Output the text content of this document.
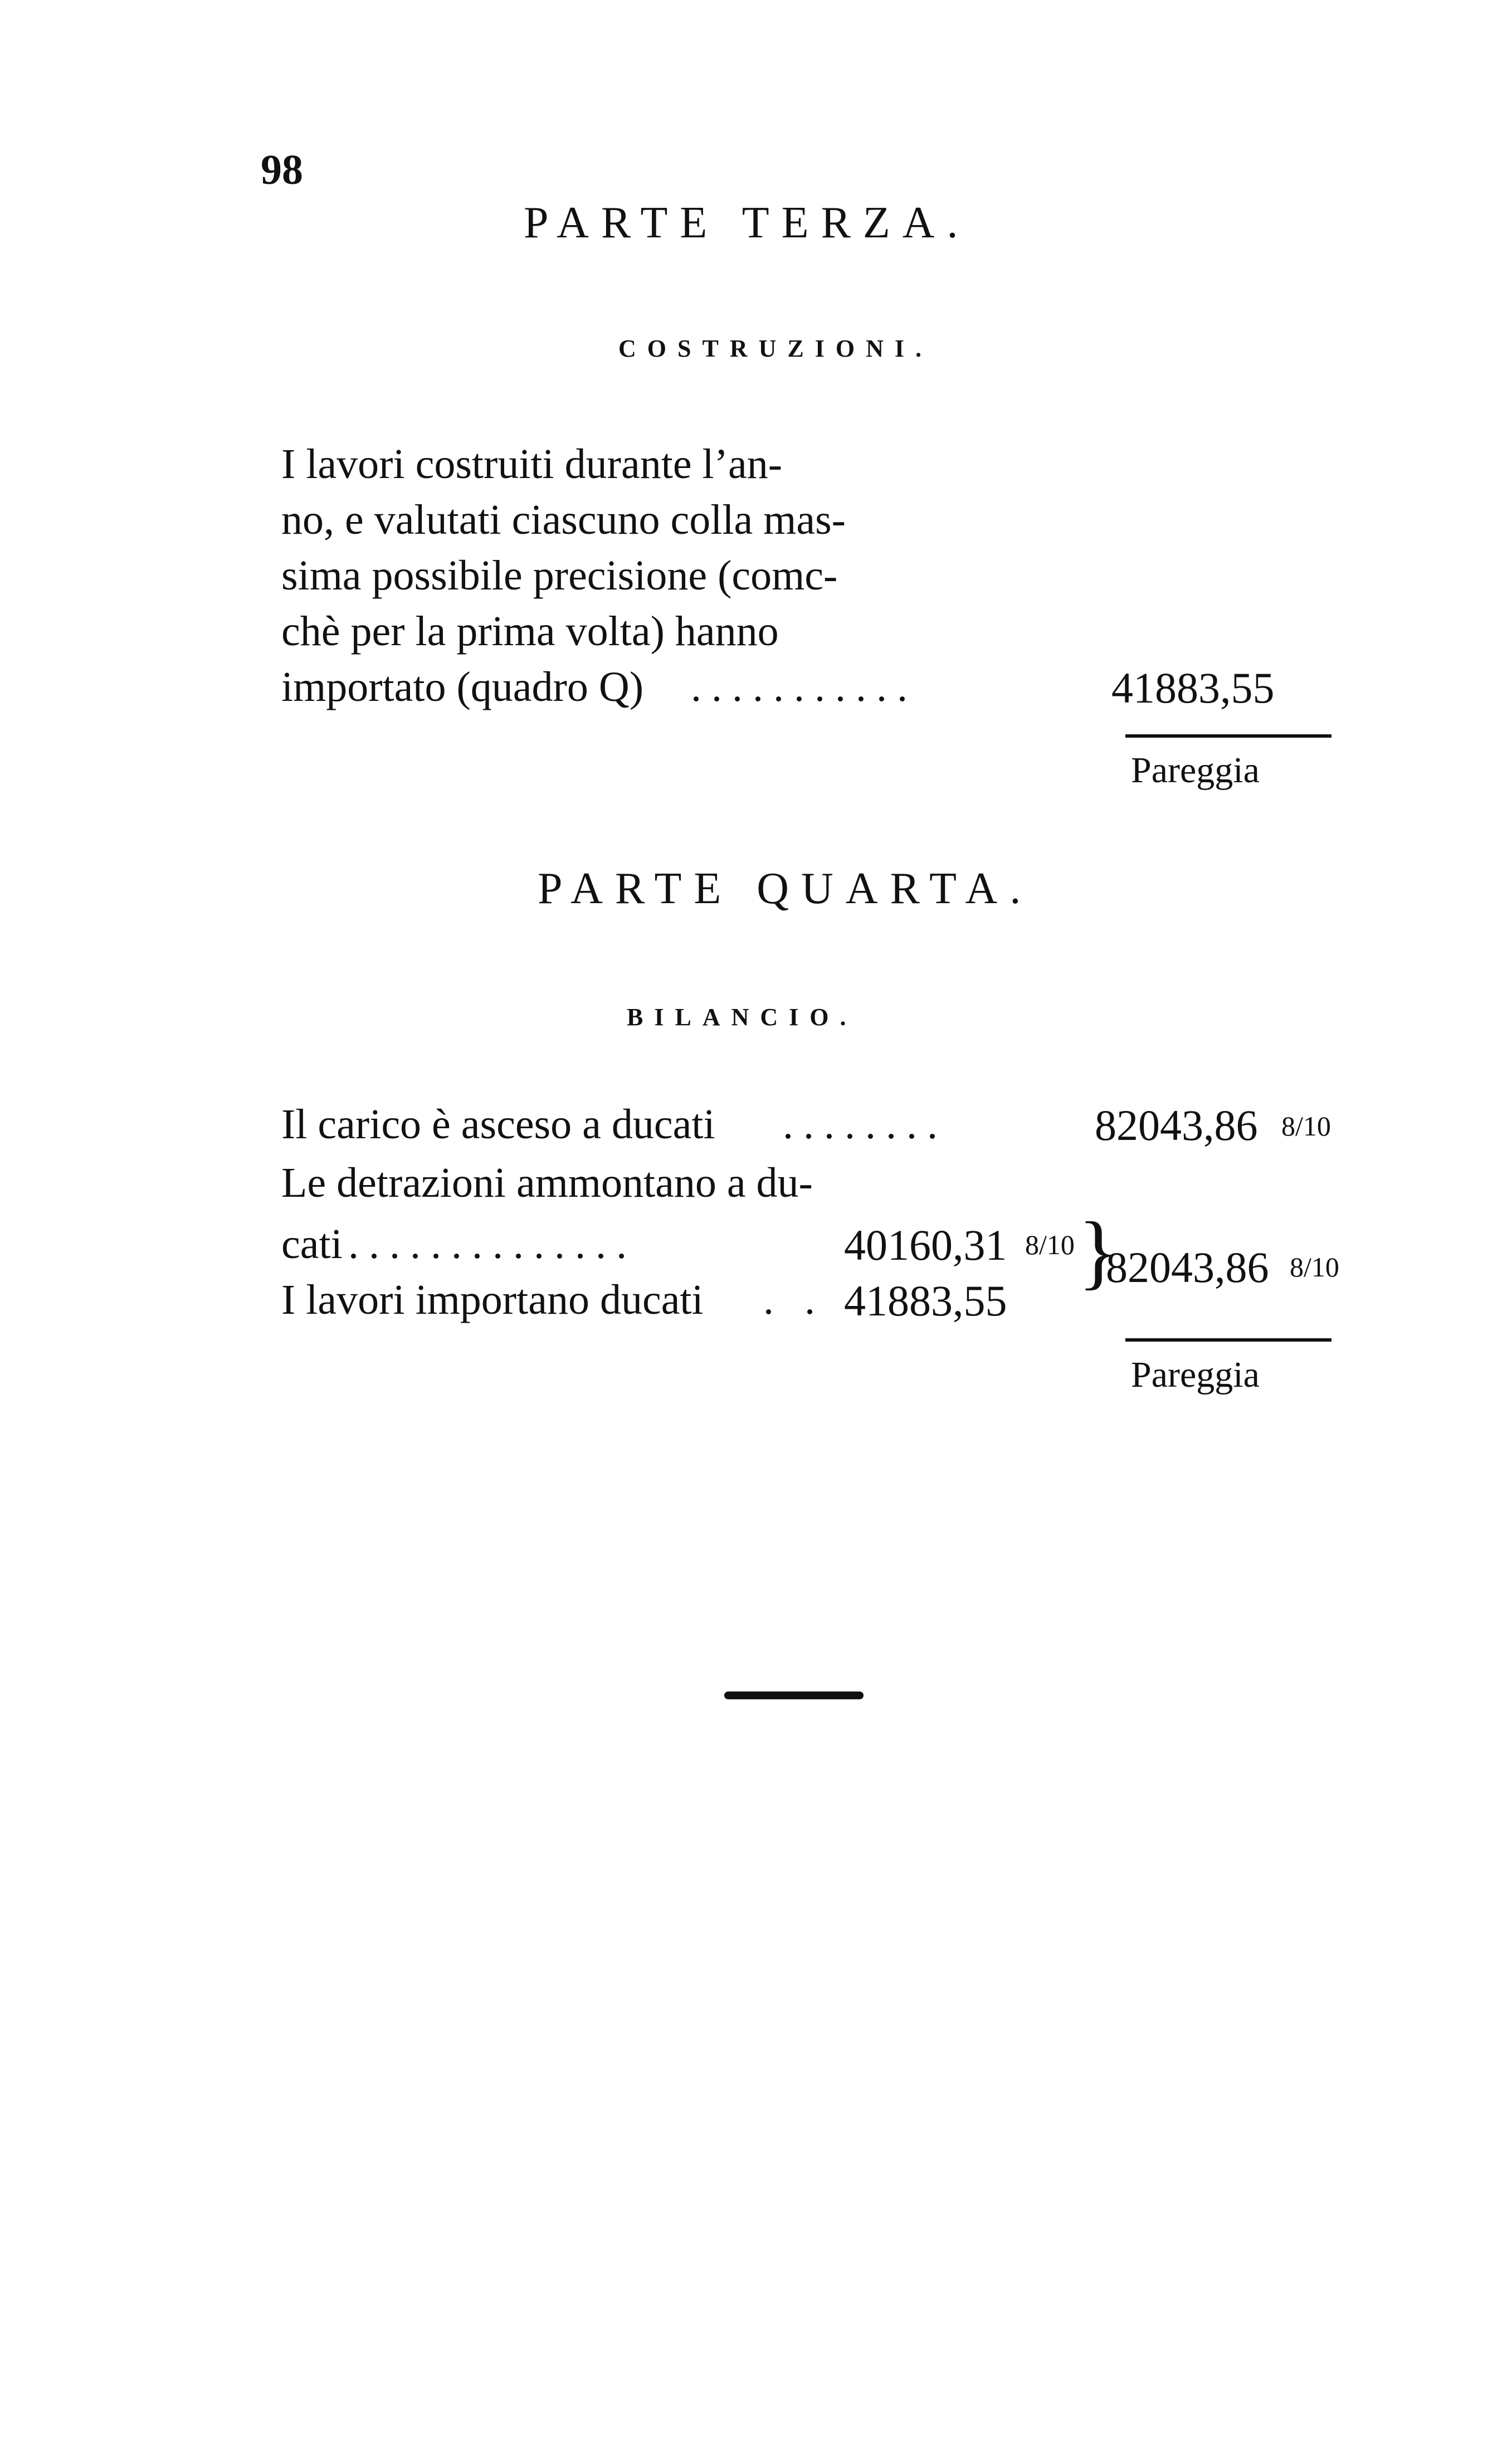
98
PARTE TERZA.
COSTRUZIONI.
I lavori costruiti durante l’an-
no, e valutati ciascuno colla mas-
sima possibile precisione (comc-
chè per la prima volta) hanno
importato (quadro Q) ...........	41883,55
Pareggia
PARTE QUARTA.
BILANCIO.
Il carico è asceso a ducati ........	82043,86 8/10
Le detrazioni ammontano a du-
cati ..............	40160,31 8/10
I lavori importano ducati . . 41883,55
}
82043,86 8/10
Pareggia
